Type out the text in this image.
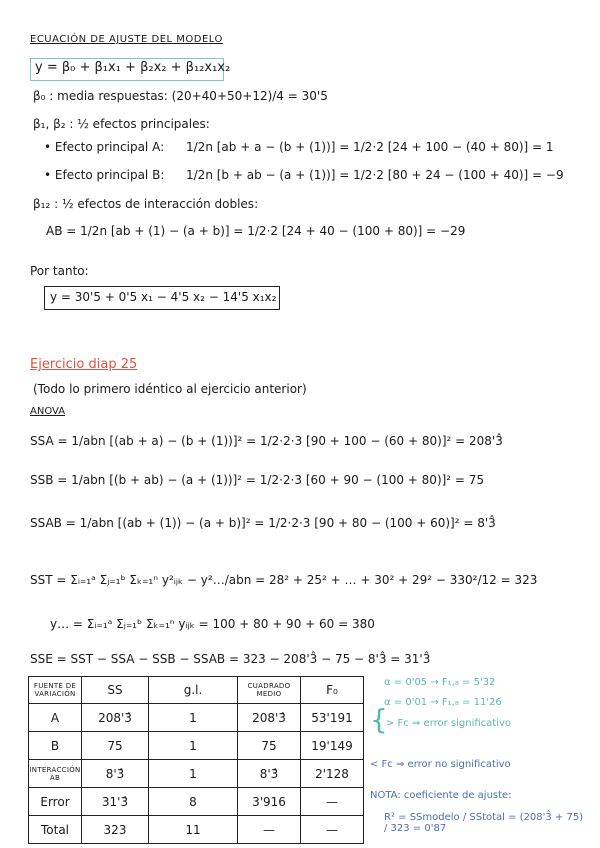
ECUACIÓN DE AJUSTE DEL MODELO
y = β₀ + β₁x₁ + β₂x₂ + β₁₂x₁x₂
β₀ : media respuestas: (20+40+50+12)/4 = 30'5
β₁, β₂ : ½ efectos principales:
• Efecto principal A: 1/2n [ab + a − (b + (1))] = 1/2·2 [24 + 100 − (40 + 80)] = 1
• Efecto principal B: 1/2n [b + ab − (a + (1))] = 1/2·2 [80 + 24 − (100 + 40)] = −9
β₁₂ : ½ efectos de interacción dobles:
AB = 1/2n [ab + (1) − (a + b)] = 1/2·2 [24 + 40 − (100 + 80)] = −29
Por tanto:
y = 30'5 + 0'5 x₁ − 4'5 x₂ − 14'5 x₁x₂
Ejercicio diap 25
(Todo lo primero idéntico al ejercicio anterior)
ANOVA
SSA = 1/abn [(ab + a) − (b + (1))]² = 1/2·2·3 [90 + 100 − (60 + 80)]² = 208'3̂
SSB = 1/abn [(b + ab) − (a + (1))]² = 1/2·2·3 [60 + 90 − (100 + 80)]² = 75
SSAB = 1/abn [(ab + (1)) − (a + b)]² = 1/2·2·3 [90 + 80 − (100 + 60)]² = 8'3̂
SST = Σᵢ₌₁ᵃ Σⱼ₌₁ᵇ Σₖ₌₁ⁿ y²ᵢⱼₖ − y²…/abn = 28² + 25² + … + 30² + 29² − 330²/12 = 323
y… = Σᵢ₌₁ᵃ Σⱼ₌₁ᵇ Σₖ₌₁ⁿ yᵢⱼₖ = 100 + 80 + 90 + 60 = 380
SSE = SST − SSA − SSB − SSAB = 323 − 208'3̂ − 75 − 8'3̂ = 31'3̂
FUENTE DE VARIACIÓN	SS	g.l.	CUADRADO MEDIO	F₀
A	208'3̂	1	208'3̂	53'191
B	75	1	75	19'149
INTERACCIÓN AB	8'3̂	1	8'3̂	2'128
Error	31'3̂	8	3'916	—
Total	323	11	—	—
α = 0'05 → F₁,₈ = 5'32
α = 0'01 → F₁,₈ = 11'26
{
> Fc ⇒ error significativo
< Fc ⇒ error no significativo
NOTA: coeficiente de ajuste:
R² = SSmodelo / SStotal = (208'3̂ + 75) / 323 = 0'87
